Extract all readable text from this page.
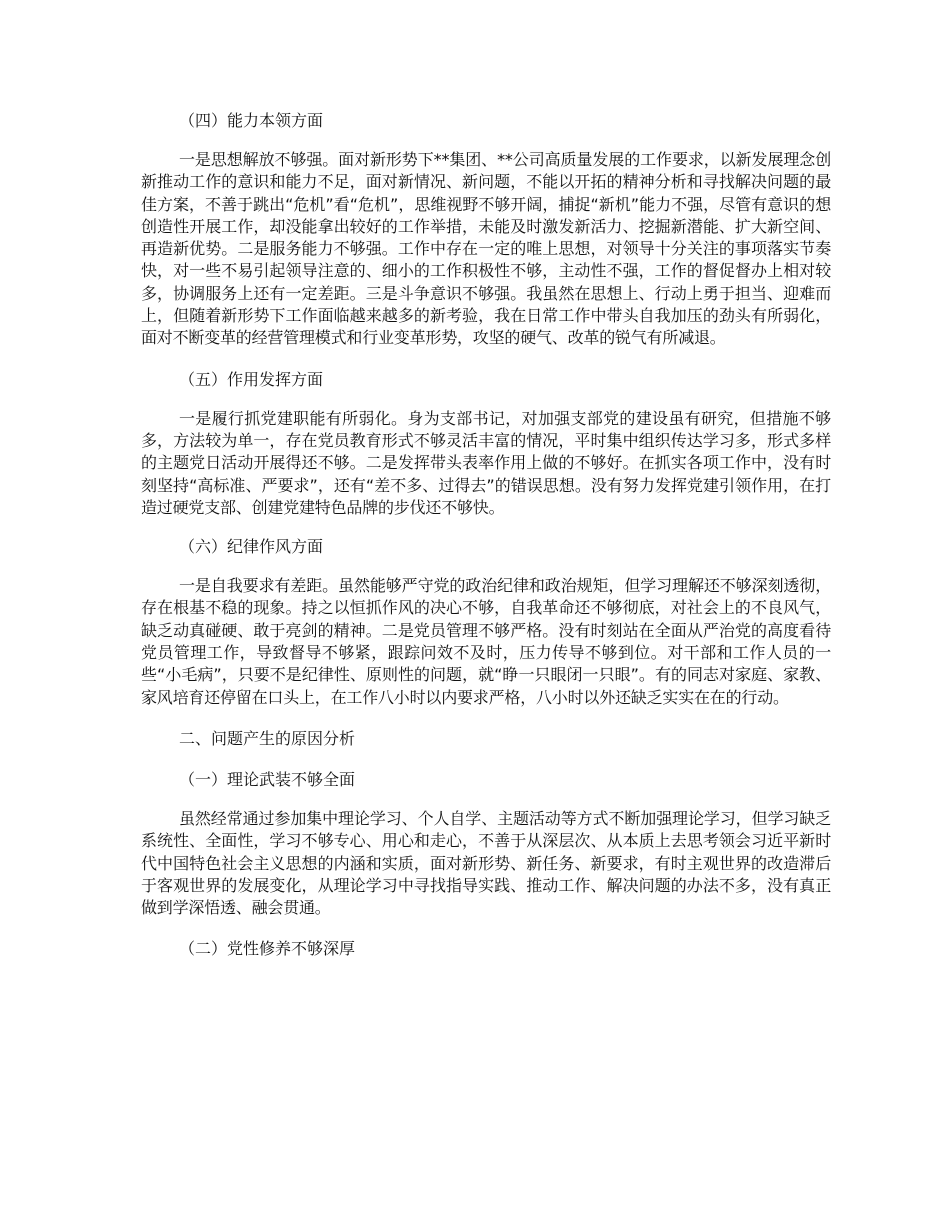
（四）能力本领方面

一是思想解放不够强。面对新形势下**集团、**公司高质量发展的工作要求，以新发展理念创新推动工作的意识和能力不足，面对新情况、新问题，不能以开拓的精神分析和寻找解决问题的最佳方案，不善于跳出“危机”看“危机”，思维视野不够开阔，捕捉“新机”能力不强，尽管有意识的想创造性开展工作，却没能拿出较好的工作举措，未能及时激发新活力、挖掘新潜能、扩大新空间、再造新优势。二是服务能力不够强。工作中存在一定的唯上思想，对领导十分关注的事项落实节奏快，对一些不易引起领导注意的、细小的工作积极性不够，主动性不强，工作的督促督办上相对较多，协调服务上还有一定差距。三是斗争意识不够强。我虽然在思想上、行动上勇于担当、迎难而上，但随着新形势下工作面临越来越多的新考验，我在日常工作中带头自我加压的劲头有所弱化，面对不断变革的经营管理模式和行业变革形势，攻坚的硬气、改革的锐气有所减退。

（五）作用发挥方面

一是履行抓党建职能有所弱化。身为支部书记，对加强支部党的建设虽有研究，但措施不够多，方法较为单一，存在党员教育形式不够灵活丰富的情况，平时集中组织传达学习多，形式多样的主题党日活动开展得还不够。二是发挥带头表率作用上做的不够好。在抓实各项工作中，没有时刻坚持“高标准、严要求”，还有“差不多、过得去”的错误思想。没有努力发挥党建引领作用，在打造过硬党支部、创建党建特色品牌的步伐还不够快。

（六）纪律作风方面

一是自我要求有差距。虽然能够严守党的政治纪律和政治规矩，但学习理解还不够深刻透彻，存在根基不稳的现象。持之以恒抓作风的决心不够，自我革命还不够彻底，对社会上的不良风气，缺乏动真碰硬、敢于亮剑的精神。二是党员管理不够严格。没有时刻站在全面从严治党的高度看待党员管理工作，导致督导不够紧，跟踪问效不及时，压力传导不够到位。对干部和工作人员的一些“小毛病”，只要不是纪律性、原则性的问题，就“睁一只眼闭一只眼”。有的同志对家庭、家教、家风培育还停留在口头上，在工作八小时以内要求严格，八小时以外还缺乏实实在在的行动。

二、问题产生的原因分析

（一）理论武装不够全面

虽然经常通过参加集中理论学习、个人自学、主题活动等方式不断加强理论学习，但学习缺乏系统性、全面性，学习不够专心、用心和走心，不善于从深层次、从本质上去思考领会习近平新时代中国特色社会主义思想的内涵和实质，面对新形势、新任务、新要求，有时主观世界的改造滞后于客观世界的发展变化，从理论学习中寻找指导实践、推动工作、解决问题的办法不多，没有真正做到学深悟透、融会贯通。

（二）党性修养不够深厚
